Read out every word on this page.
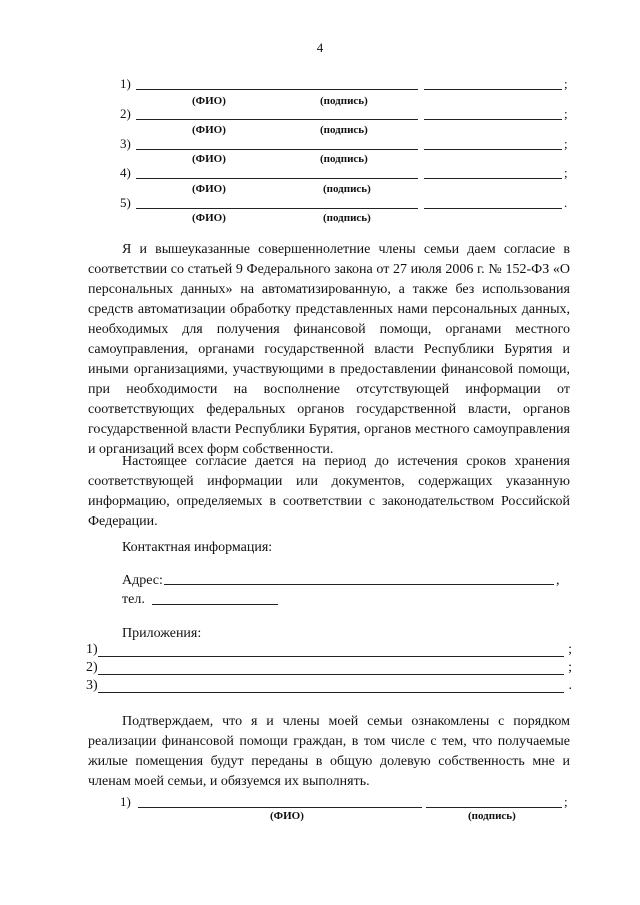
4
1)	;
(ФИО)	(подпись)
2)	;
(ФИО)	(подпись)
3)	;
(ФИО)	(подпись)
4)	;
(ФИО)	(подпись)
5)	.
(ФИО)	(подпись)

Я и вышеуказанные совершеннолетние члены семьи даем согласие в соответствии со статьей 9 Федерального закона от 27 июля 2006 г. № 152-ФЗ «О персональных данных» на автоматизированную, а также без использования средств автоматизации обработку представленных нами персональных данных, необходимых для получения финансовой помощи, органами местного самоуправления, органами государственной власти Республики Бурятия и иными организациями, участвующими в предоставлении финансовой помощи, при необходимости на восполнение отсутствующей информации от соответствующих федеральных органов государственной власти, органов государственной власти Республики Бурятия, органов местного самоуправления и организаций всех форм собственности.

Настоящее согласие дается на период до истечения сроков хранения соответствующей информации или документов, содержащих указанную информацию, определяемых в соответствии с законодательством Российской Федерации.

Контактная информация:
Адрес:	,
тел.
Приложения:
1)	;
2)	;
3)	.

Подтверждаем, что я и члены моей семьи ознакомлены с порядком реализации финансовой помощи граждан, в том числе с тем, что получаемые жилые помещения будут переданы в общую долевую собственность мне и членам моей семьи, и обязуемся их выполнять.

1)	;
(ФИО)	(подпись)
